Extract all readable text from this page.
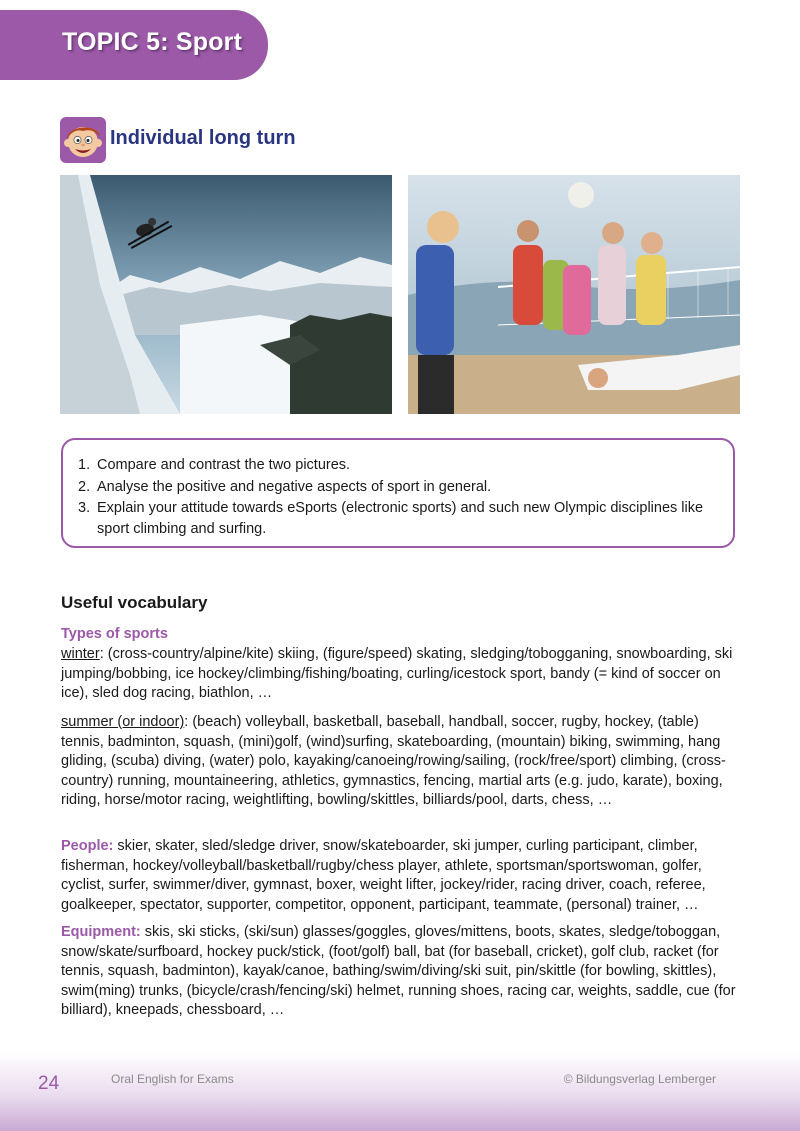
TOPIC 5: Sport
Individual long turn
1. Compare and contrast the two pictures.
2. Analyse the positive and negative aspects of sport in general.
3. Explain your attitude towards eSports (electronic sports) and such new Olympic disciplines like sport climbing and surfing.
Useful vocabulary
Types of sports

winter: (cross-country/alpine/kite) skiing, (figure/speed) skating, sledging/tobogganing, snowboarding, ski jumping/bobbing, ice hockey/climbing/fishing/boating, curling/icestock sport, bandy (= kind of soccer on ice), sled dog racing, biathlon, …

summer (or indoor): (beach) volleyball, basketball, baseball, handball, soccer, rugby, hockey, (table) tennis, badminton, squash, (mini)golf, (wind)surfing, skateboarding, (mountain) biking, swimming, hang gliding, (scuba) diving, (water) polo, kayaking/canoeing/rowing/sailing, (rock/free/sport) climbing, (cross-country) running, mountaineering, athletics, gymnastics, fencing, martial arts (e.g. judo, karate), boxing, riding, horse/motor racing, weightlifting, bowling/skittles, billiards/pool, darts, chess, …

People: skier, skater, sled/sledge driver, snow/skateboarder, ski jumper, curling participant, climber, fisherman, hockey/volleyball/basketball/rugby/chess player, athlete, sportsman/sportswoman, golfer, cyclist, surfer, swimmer/diver, gymnast, boxer, weight lifter, jockey/rider, racing driver, coach, referee, goalkeeper, spectator, supporter, competitor, opponent, participant, teammate, (personal) trainer, …

Equipment: skis, ski sticks, (ski/sun) glasses/goggles, gloves/mittens, boots, skates, sledge/toboggan, snow/skate/surfboard, hockey puck/stick, (foot/golf) ball, bat (for baseball, cricket), golf club, racket (for tennis, squash, badminton), kayak/canoe, bathing/swim/diving/ski suit, pin/skittle (for bowling, skittles), swim(ming) trunks, (bicycle/crash/fencing/ski) helmet, running shoes, racing car, weights, saddle, cue (for billiard), kneepads, chessboard, …

24	Oral English for Exams	© Bildungsverlag Lemberger
